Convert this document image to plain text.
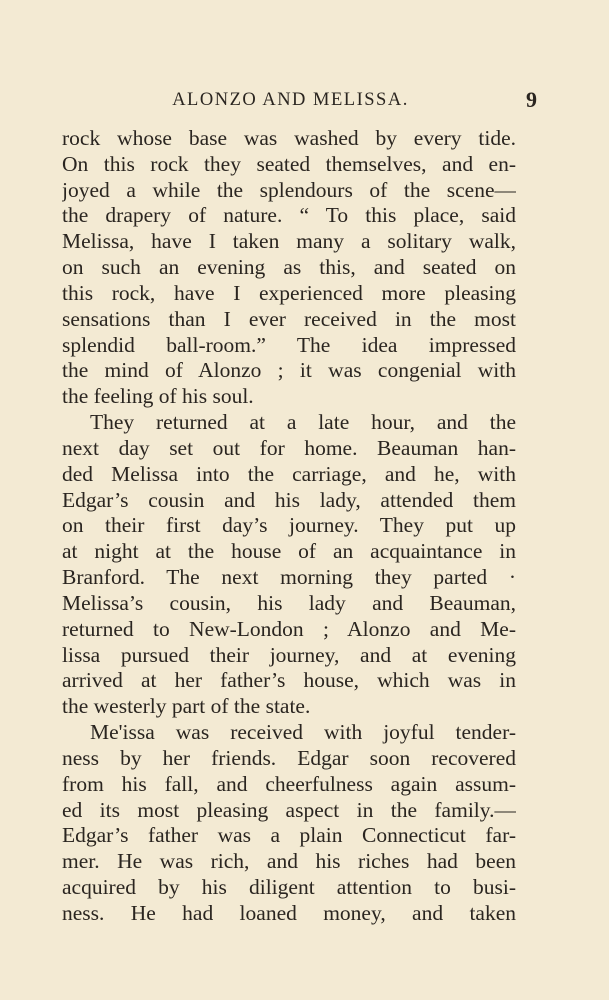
ALONZO AND MELISSA.	9
rock whose base was washed by every tide.
On this rock they seated themselves, and en-
joyed a while the splendours of the scene—
the drapery of nature. “ To this place, said
Melissa, have I taken many a solitary walk,
on such an evening as this, and seated on
this rock, have I experienced more pleasing
sensations than I ever received in the most
splendid ball-room.” The idea impressed
the mind of Alonzo ; it was congenial with
the feeling of his soul.
They returned at a late hour, and the
next day set out for home. Beauman han-
ded Melissa into the carriage, and he, with
Edgar’s cousin and his lady, attended them
on their first day’s journey. They put up
at night at the house of an acquaintance in
Branford. The next morning they parted ·
Melissa’s cousin, his lady and Beauman,
returned to New-London ; Alonzo and Me-
lissa pursued their journey, and at evening
arrived at her father’s house, which was in
the westerly part of the state.
Me'issa was received with joyful tender-
ness by her friends. Edgar soon recovered
from his fall, and cheerfulness again assum-
ed its most pleasing aspect in the family.—
Edgar’s father was a plain Connecticut far-
mer. He was rich, and his riches had been
acquired by his diligent attention to busi-
ness. He had loaned money, and taken
